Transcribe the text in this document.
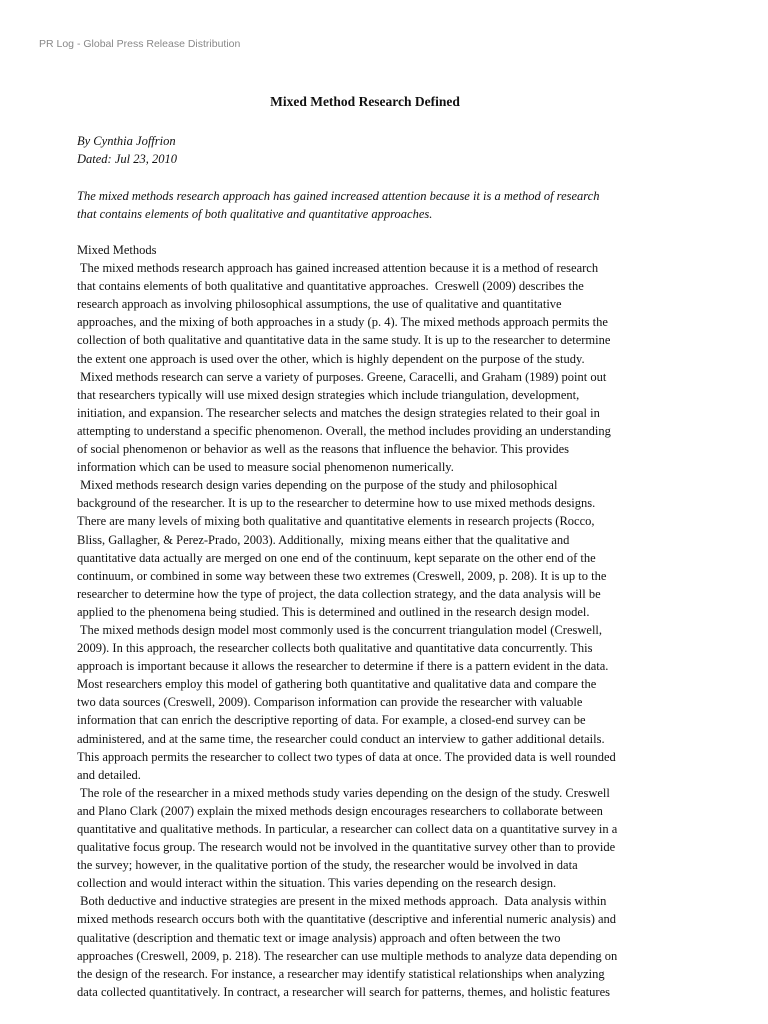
PR Log - Global Press Release Distribution
Mixed Method Research Defined
By Cynthia Joffrion
Dated: Jul 23, 2010
The mixed methods research approach has gained increased attention because it is a method of research
that contains elements of both qualitative and quantitative approaches.
Mixed Methods
The mixed methods research approach has gained increased attention because it is a method of research
that contains elements of both qualitative and quantitative approaches.  Creswell (2009) describes the
research approach as involving philosophical assumptions, the use of qualitative and quantitative
approaches, and the mixing of both approaches in a study (p. 4). The mixed methods approach permits the
collection of both qualitative and quantitative data in the same study. It is up to the researcher to determine
the extent one approach is used over the other, which is highly dependent on the purpose of the study.
Mixed methods research can serve a variety of purposes. Greene, Caracelli, and Graham (1989) point out
that researchers typically will use mixed design strategies which include triangulation, development,
initiation, and expansion. The researcher selects and matches the design strategies related to their goal in
attempting to understand a specific phenomenon. Overall, the method includes providing an understanding
of social phenomenon or behavior as well as the reasons that influence the behavior. This provides
information which can be used to measure social phenomenon numerically.
Mixed methods research design varies depending on the purpose of the study and philosophical
background of the researcher. It is up to the researcher to determine how to use mixed methods designs.
There are many levels of mixing both qualitative and quantitative elements in research projects (Rocco,
Bliss, Gallagher, & Perez-Prado, 2003). Additionally,  mixing means either that the qualitative and
quantitative data actually are merged on one end of the continuum, kept separate on the other end of the
continuum, or combined in some way between these two extremes (Creswell, 2009, p. 208). It is up to the
researcher to determine how the type of project, the data collection strategy, and the data analysis will be
applied to the phenomena being studied. This is determined and outlined in the research design model.
The mixed methods design model most commonly used is the concurrent triangulation model (Creswell,
2009). In this approach, the researcher collects both qualitative and quantitative data concurrently. This
approach is important because it allows the researcher to determine if there is a pattern evident in the data.
Most researchers employ this model of gathering both quantitative and qualitative data and compare the
two data sources (Creswell, 2009). Comparison information can provide the researcher with valuable
information that can enrich the descriptive reporting of data. For example, a closed-end survey can be
administered, and at the same time, the researcher could conduct an interview to gather additional details.
This approach permits the researcher to collect two types of data at once. The provided data is well rounded
and detailed.
The role of the researcher in a mixed methods study varies depending on the design of the study. Creswell
and Plano Clark (2007) explain the mixed methods design encourages researchers to collaborate between
quantitative and qualitative methods. In particular, a researcher can collect data on a quantitative survey in a
qualitative focus group. The research would not be involved in the quantitative survey other than to provide
the survey; however, in the qualitative portion of the study, the researcher would be involved in data
collection and would interact within the situation. This varies depending on the research design.
Both deductive and inductive strategies are present in the mixed methods approach.  Data analysis within
mixed methods research occurs both with the quantitative (descriptive and inferential numeric analysis) and
qualitative (description and thematic text or image analysis) approach and often between the two
approaches (Creswell, 2009, p. 218). The researcher can use multiple methods to analyze data depending on
the design of the research. For instance, a researcher may identify statistical relationships when analyzing
data collected quantitatively. In contract, a researcher will search for patterns, themes, and holistic features
